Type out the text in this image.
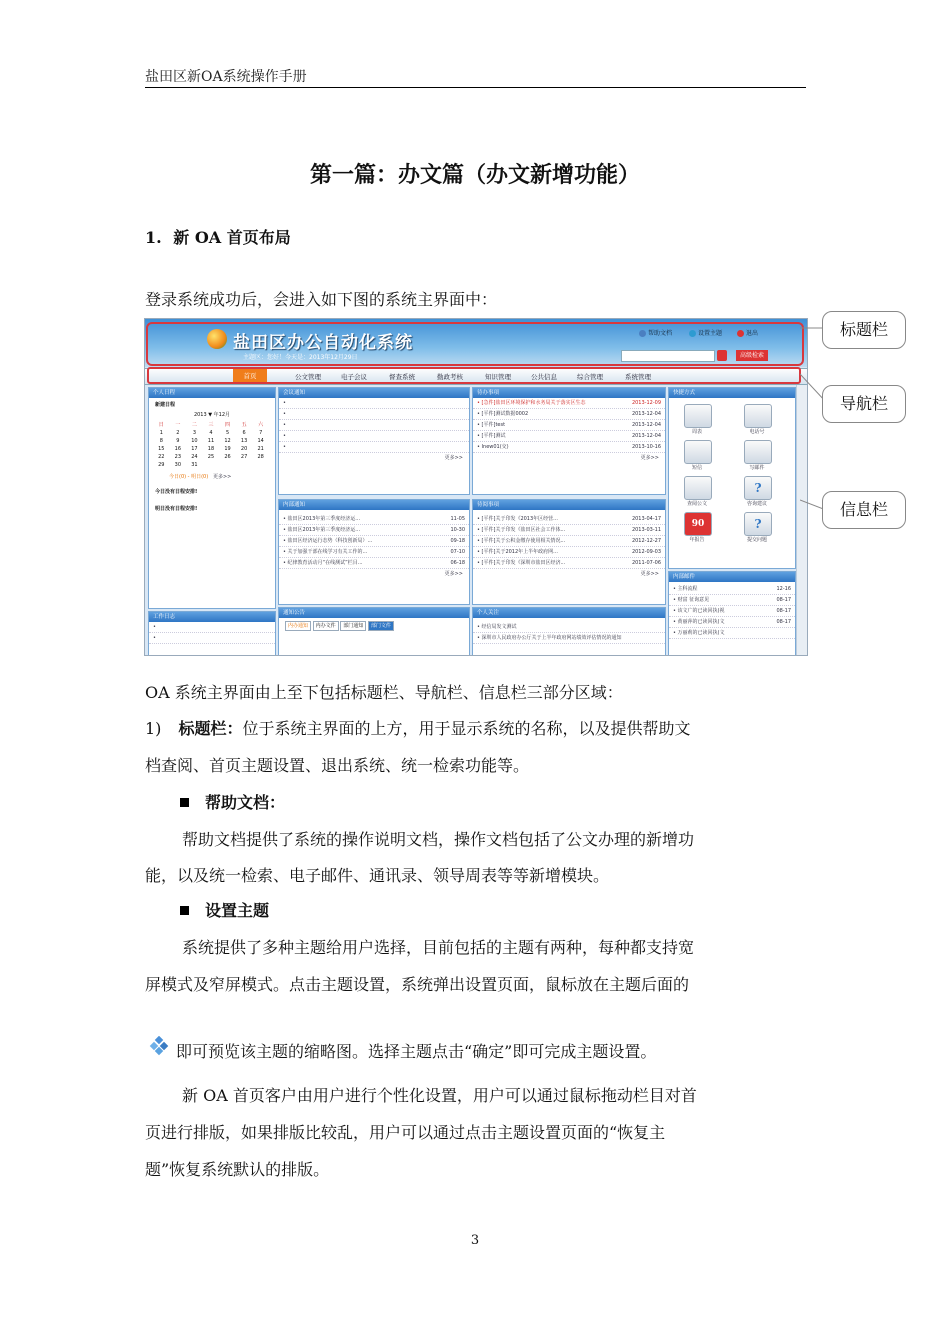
盐田区新OA系统操作手册
第一篇：办文篇（办文新增功能）
1. 新 OA 首页布局
登录系统成功后，会进入如下图的系统主界面中：
盐田区办公自动化系统
主题区：您好！今天是：2013年12月29日
帮助文档	设置主题	退出
高级检索
首页	公文管理	电子会议	督查系统	勤政考核	知识管理	公共信息	综合管理	系统管理
个人日程
新建日程
2013 ▼ 年12月
日	一	二	三	四	五	六
1	2	3	4	5	6	7
8	9	10	11	12	13	14
15	16	17	18	19	20	21
22	23	24	25	26	27	28
29	30	31				
今日(0) - 明日(0) 更多>>
今日没有日程安排!
明日没有日程安排!
工作日志
•
•
会议通知
•
•
•
•
•
更多>>
内部通知
• 盐田区2013年第三季度经济运...	11-05
• 盐田区2013年第三季度经济运...	10-30
• 盐田区经济运行态势（科技创新局）...	09-18
• 关于加强干部在线学习有关工作的...	07-10
• 纪律教育活动月“在线测试”栏目...	06-18
更多>>
通知公告
内办通知 内办文件 部门通知 部门文件
待办事项
• [急件]盐田区环境保护和水务局关于落实区生态	2013-12-09
• [平件]测试数据0002	2013-12-04
• [平件]test	2013-12-04
• [平件]测试	2013-12-04
• Inew01(交)	2013-10-16
更多>>
待阅事项
• [平件]关于印发《2013年区经营...	2013-04-17
• [平件]关于印发《盐田区社会工作体...	2013-03-11
• [平件]关于公积金缴存使用相关情况...	2012-12-27
• [平件]关于2012年上半年政府网...	2012-09-03
• [平件]关于印发《深圳市盐田区经济...	2011-07-06
更多>>
个人关注
• 经信局发文测试
• 深圳市人民政府办公厅关于上半年政府网站绩效评估情况的通知
快捷方式
周表	电话号
短信	写邮件
查阅公文
?
咨询建议
90
年报告
?
提交问题
内部邮件
• 主科流程	12-16
• 财富 征询意见	08-17
• 该文广的已读回执(视	08-17
• 黄丽萍的已读回执(文	08-17
• 万丽莉的已读回执(文
标题栏
导航栏
信息栏
OA 系统主界面由上至下包括标题栏、导航栏、信息栏三部分区域：
1) 标题栏：位于系统主界面的上方，用于显示系统的名称，以及提供帮助文
档查阅、首页主题设置、退出系统、统一检索功能等。
帮助文档：
帮助文档提供了系统的操作说明文档，操作文档包括了公文办理的新增功
能，以及统一检索、电子邮件、通讯录、领导周表等等新增模块。
设置主题
系统提供了多种主题给用户选择，目前包括的主题有两种，每种都支持宽
屏模式及窄屏模式。点击主题设置，系统弹出设置页面，鼠标放在主题后面的
即可预览该主题的缩略图。选择主题点击“确定”即可完成主题设置。
新 OA 首页客户由用户进行个性化设置，用户可以通过鼠标拖动栏目对首
页进行排版，如果排版比较乱，用户可以通过点击主题设置页面的“恢复主
题”恢复系统默认的排版。
3
